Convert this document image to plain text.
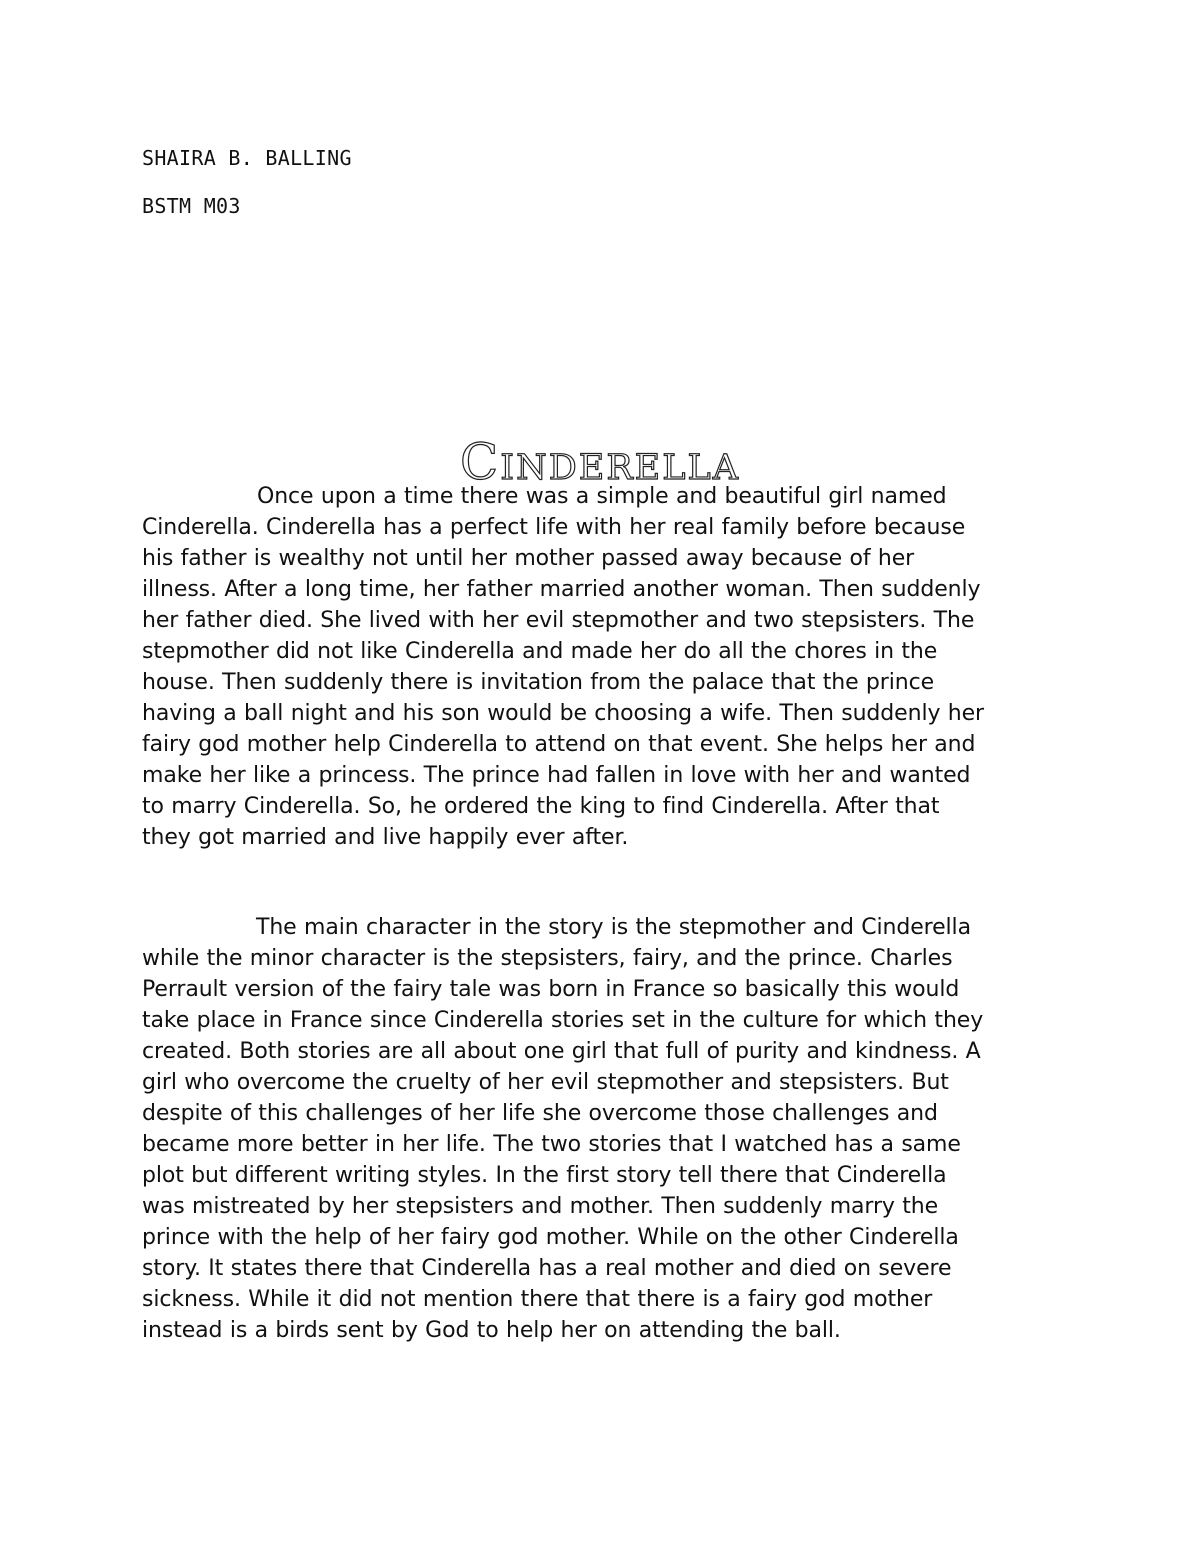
SHAIRA B. BALLING
BSTM M03
Cinderella

Once upon a time there was a simple and beautiful girl named
Cinderella. Cinderella has a perfect life with her real family before because
his father is wealthy not until her mother passed away because of her
illness. After a long time, her father married another woman. Then suddenly
her father died. She lived with her evil stepmother and two stepsisters. The
stepmother did not like Cinderella and made her do all the chores in the
house. Then suddenly there is invitation from the palace that the prince
having a ball night and his son would be choosing a wife. Then suddenly her
fairy god mother help Cinderella to attend on that event. She helps her and
make her like a princess. The prince had fallen in love with her and wanted
to marry Cinderella. So, he ordered the king to find Cinderella. After that
they got married and live happily ever after.

The main character in the story is the stepmother and Cinderella
while the minor character is the stepsisters, fairy, and the prince. Charles
Perrault version of the fairy tale was born in France so basically this would
take place in France since Cinderella stories set in the culture for which they
created. Both stories are all about one girl that full of purity and kindness. A
girl who overcome the cruelty of her evil stepmother and stepsisters. But
despite of this challenges of her life she overcome those challenges and
became more better in her life. The two stories that I watched has a same
plot but different writing styles. In the first story tell there that Cinderella
was mistreated by her stepsisters and mother. Then suddenly marry the
prince with the help of her fairy god mother. While on the other Cinderella
story. It states there that Cinderella has a real mother and died on severe
sickness. While it did not mention there that there is a fairy god mother
instead is a birds sent by God to help her on attending the ball.
